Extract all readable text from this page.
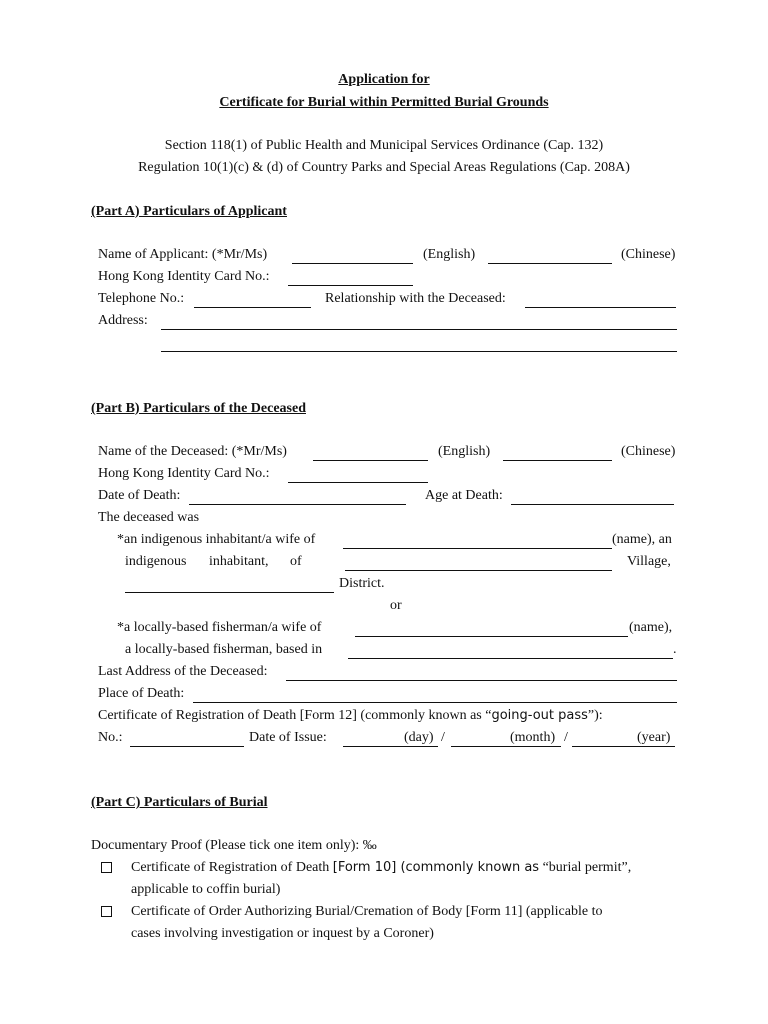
Application for
Certificate for Burial within Permitted Burial Grounds
Section 118(1) of Public Health and Municipal Services Ordinance (Cap. 132)
Regulation 10(1)(c) & (d) of Country Parks and Special Areas Regulations (Cap. 208A)
(Part A) Particulars of Applicant
Name of Applicant: (*Mr/Ms)	(English)	(Chinese)
Hong Kong Identity Card No.:
Telephone No.:	Relationship with the Deceased:
Address:
(Part B) Particulars of the Deceased
Name of the Deceased: (*Mr/Ms)	(English)	(Chinese)
Hong Kong Identity Card No.:
Date of Death:	Age at Death:
The deceased was
*an indigenous inhabitant/a wife of	(name), an
indigenous inhabitant, of	Village,
District.
or
*a locally-based fisherman/a wife of	(name),
a locally-based fisherman, based in	.
Last Address of the Deceased:
Place of Death:
Certificate of Registration of Death [Form 12] (commonly known as “going-out pass”):
No.:	Date of Issue:	(day) /	(month) /	(year)
(Part C) Particulars of Burial
Documentary Proof (Please tick one item only): ‰
Certificate of Registration of Death [Form 10] (commonly known as “burial permit”,
applicable to coffin burial)
Certificate of Order Authorizing Burial/Cremation of Body [Form 11] (applicable to
cases involving investigation or inquest by a Coroner)
